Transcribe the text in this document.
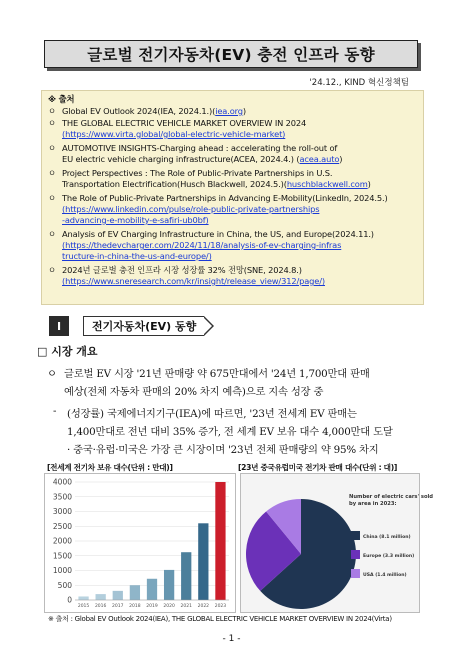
글로벌 전기자동차(EV) 충전 인프라 동향
'24.12., KIND 혁신정책팀
※ 출처
ㅇ Global EV Outlook 2024(IEA, 2024.1.)(iea.org)
ㅇ THE GLOBAL ELECTRIC VEHICLE MARKET OVERVIEW IN 2024
(https://www.virta.global/global-electric-vehicle-market)
ㅇ AUTOMOTIVE INSIGHTS-Charging ahead : accelerating the roll-out of
EU electric vehicle charging infrastructure(ACEA, 2024.4.) (acea.auto)
ㅇ Project Perspectives : The Role of Public-Private Partnerships in U.S.
Transportation Electrification(Husch Blackwell, 2024.5.)(huschblackwell.com)
ㅇ The Role of Public-Private Partnerships in Advancing E-Mobility(LinkedIn, 2024.5.)
(https://www.linkedin.com/pulse/role-public-private-partnerships
-advancing-e-mobility-e-safiri-ub0bf)
ㅇ Analysis of EV Charging Infrastructure in China, the US, and Europe(2024.11.)
(https://thedevcharger.com/2024/11/18/analysis-of-ev-charging-infras
tructure-in-china-the-us-and-europe/)
ㅇ 2024년 글로벌 충전 인프라 시장 성장률 32% 전망(SNE, 2024.8.)
(https://www.sneresearch.com/kr/insight/release_view/312/page/)
Ⅰ	전기자동차(EV) 동향
□ 시장 개요
ㅇ 글로벌 EV 시장 '21년 판매량 약 675만대에서 '24년 1,700만대 판매
예상(전체 자동차 판매의 20% 차지 예측)으로 지속 성장 중
- (성장률) 국제에너지기구(IEA)에 따르면, '23년 전세계 EV 판매는
1,400만대로 전년 대비 35% 증가, 전 세계 EV 보유 대수 4,000만대 도달
· 중국·유럽·미국은 가장 큰 시장이며 '23년 전체 판매량의 약 95% 차지
[전세계 전기차 보유 대수(단위 : 만대)]	[23년 중국유럽미국 전기차 판매 대수(단위 : 대)]
0
500
1000
1500
2000
2500
3000
3500
4000
2015 2016 2017 2018 2019 2020 2021 2022 2023
Number of electric cars' sold by area in 2023:
China (8.1 million)
Europe (3.3 million)
USA (1.4 million)
※ 출처 : Global EV Outlook 2024(IEA), THE GLOBAL ELECTRIC VEHICLE MARKET OVERVIEW IN 2024(Virta)
- 1 -
